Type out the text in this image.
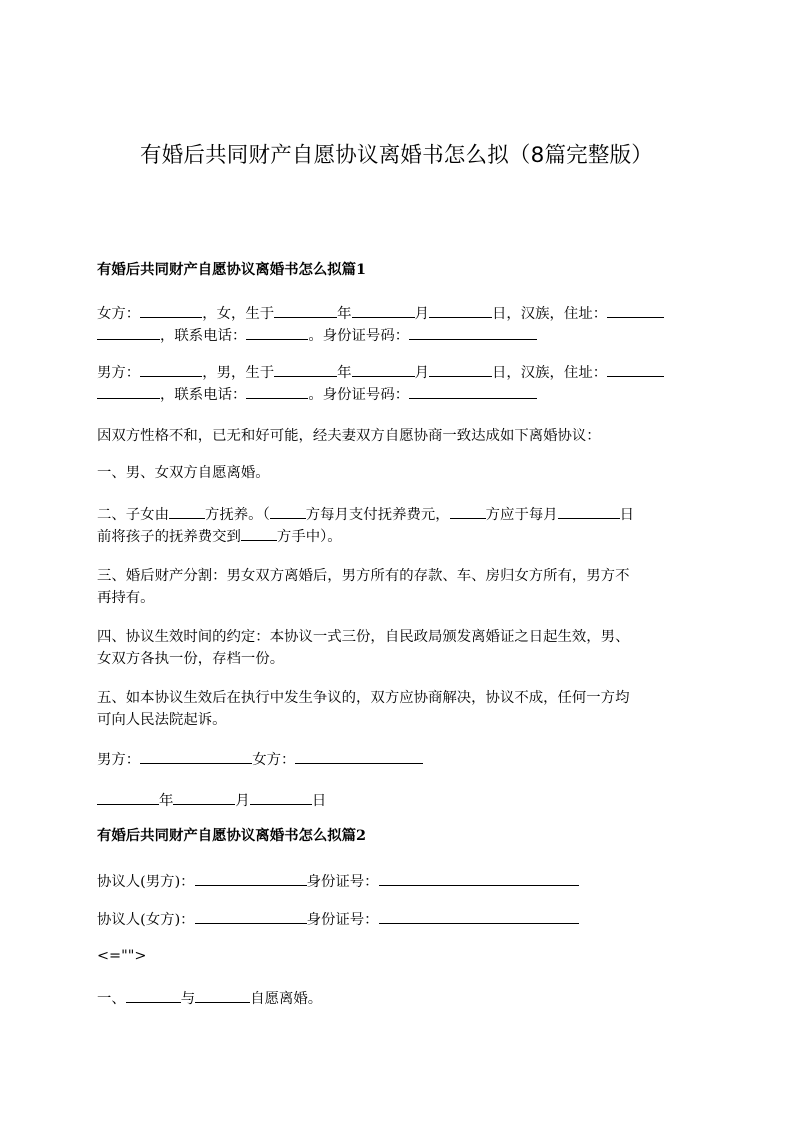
有婚后共同财产自愿协议离婚书怎么拟（8篇完整版）
有婚后共同财产自愿协议离婚书怎么拟篇1
女方：	，女，生于	年	月	日，汉族，住址：
，联系电话：	。身份证号码：
男方：	，男，生于	年	月	日，汉族，住址：
，联系电话：	。身份证号码：
因双方性格不和，已无和好可能，经夫妻双方自愿协商一致达成如下离婚协议：
一、男、女双方自愿离婚。
二、子女由	方抚养。（	方每月支付抚养费元，	方应于每月	日
前将孩子的抚养费交到	方手中）。
三、婚后财产分割：男女双方离婚后，男方所有的存款、车、房归女方所有，男方不
再持有。
四、协议生效时间的约定：本协议一式三份，自民政局颁发离婚证之日起生效，男、
女双方各执一份，存档一份。
五、如本协议生效后在执行中发生争议的，双方应协商解决，协议不成，任何一方均
可向人民法院起诉。
男方：	女方：
年	月	日
有婚后共同财产自愿协议离婚书怎么拟篇2
协议人(男方)：	身份证号：
协议人(女方)：	身份证号：
<="">
一、	与	自愿离婚。
